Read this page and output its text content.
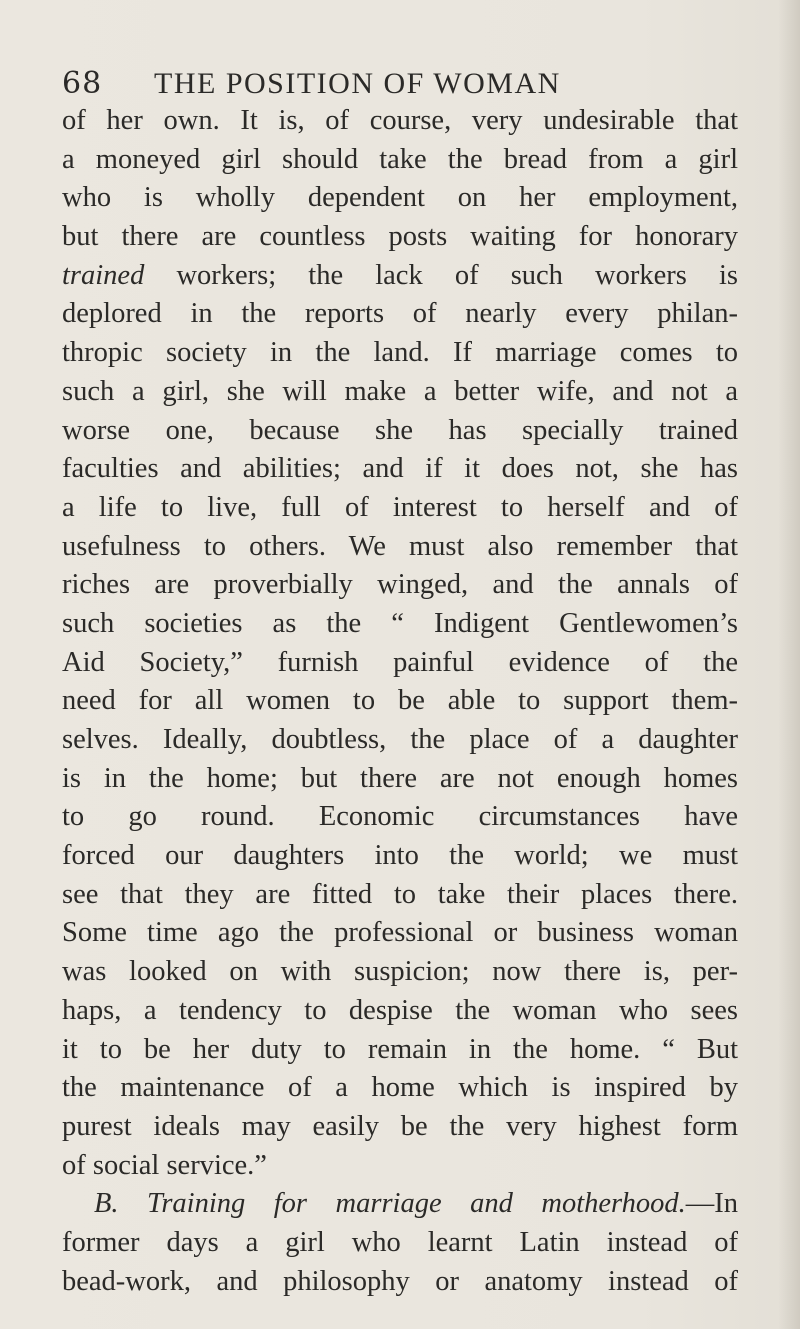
68 THE POSITION OF WOMAN
of her own. It is, of course, very undesirable that
a moneyed girl should take the bread from a girl
who is wholly dependent on her employment,
but there are countless posts waiting for honorary
trained workers; the lack of such workers is
deplored in the reports of nearly every philan-
thropic society in the land. If marriage comes to
such a girl, she will make a better wife, and not a
worse one, because she has specially trained
faculties and abilities; and if it does not, she has
a life to live, full of interest to herself and of
usefulness to others. We must also remember that
riches are proverbially winged, and the annals of
such societies as the “ Indigent Gentlewomen’s
Aid Society,” furnish painful evidence of the
need for all women to be able to support them-
selves. Ideally, doubtless, the place of a daughter
is in the home; but there are not enough homes
to go round. Economic circumstances have
forced our daughters into the world; we must
see that they are fitted to take their places there.
Some time ago the professional or business woman
was looked on with suspicion; now there is, per-
haps, a tendency to despise the woman who sees
it to be her duty to remain in the home. “ But
the maintenance of a home which is inspired by
purest ideals may easily be the very highest form
of social service.”
B. Training for marriage and motherhood.—In
former days a girl who learnt Latin instead of
bead-work, and philosophy or anatomy instead of
